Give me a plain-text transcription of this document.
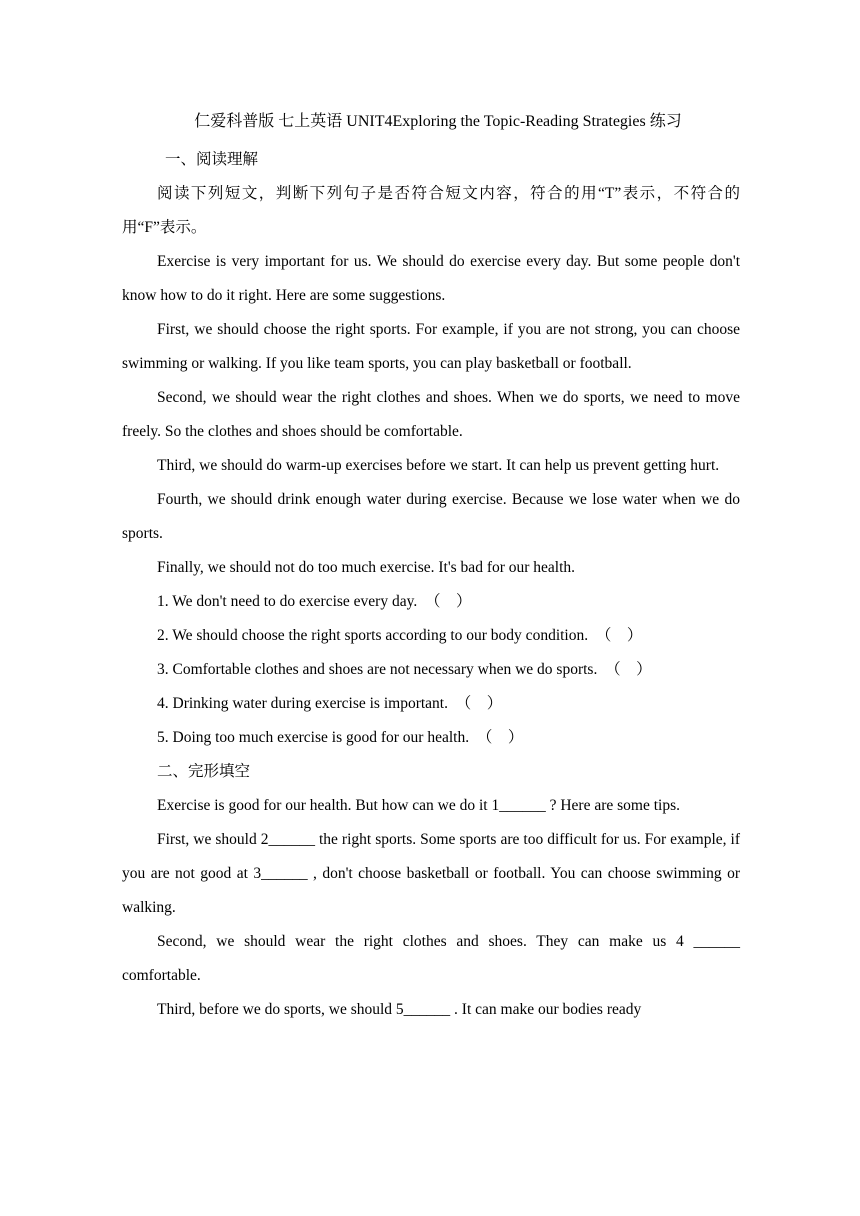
仁爱科普版 七上英语 UNIT4Exploring the Topic-Reading Strategies 练习

一、阅读理解

阅读下列短文，判断下列句子是否符合短文内容，符合的用“T”表示，不符合的用“F”表示。

Exercise is very important for us. We should do exercise every day. But some people don't know how to do it right. Here are some suggestions.

First, we should choose the right sports. For example, if you are not strong, you can choose swimming or walking. If you like team sports, you can play basketball or football.

Second, we should wear the right clothes and shoes. When we do sports, we need to move freely. So the clothes and shoes should be comfortable.

Third, we should do warm-up exercises before we start. It can help us prevent getting hurt.

Fourth, we should drink enough water during exercise. Because we lose water when we do sports.

Finally, we should not do too much exercise. It's bad for our health.

1. We don't need to do exercise every day.  （    ）

2. We should choose the right sports according to our body condition.  （    ）

3. Comfortable clothes and shoes are not necessary when we do sports.  （    ）

4. Drinking water during exercise is important.  （    ）

5. Doing too much exercise is good for our health.  （    ）

二、完形填空

Exercise is good for our health. But how can we do it 1______ ? Here are some tips.

First, we should 2______ the right sports. Some sports are too difficult for us. For example, if you are not good at 3______ , don't choose basketball or football. You can choose swimming or walking.

Second, we should wear the right clothes and shoes. They can make us 4 ______ comfortable.

Third, before we do sports, we should 5______ . It can make our bodies ready
